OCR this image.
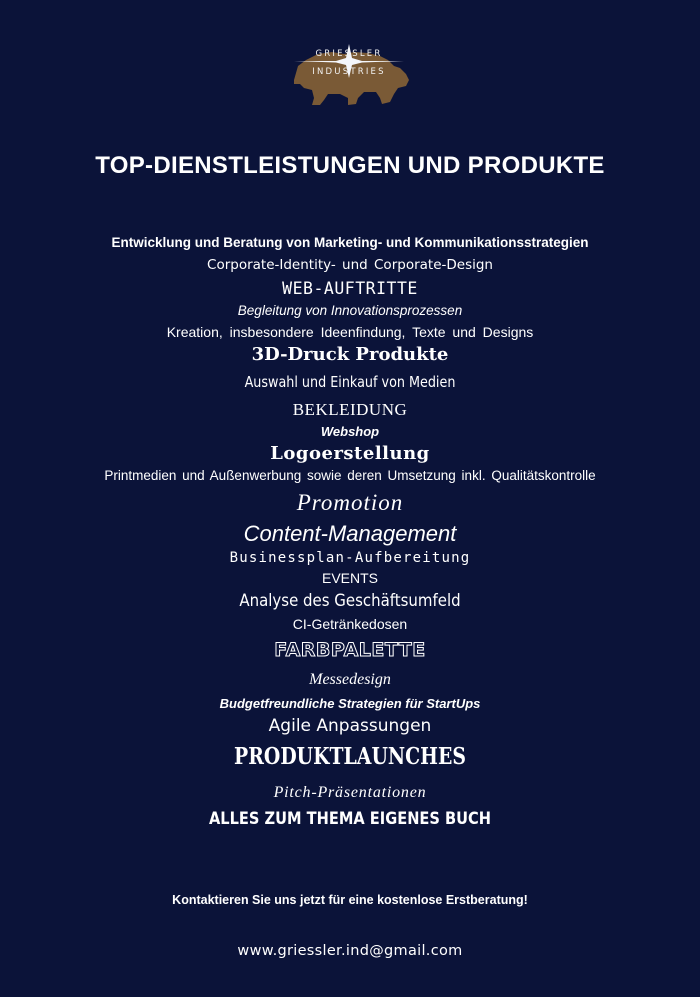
GRIESSLER
INDUSTRIES
TOP-DIENSTLEISTUNGEN UND PRODUKTE
Entwicklung und Beratung von Marketing- und Kommunikationsstrategien
Corporate-Identity- und Corporate-Design
WEB-AUFTRITTE
Begleitung von Innovationsprozessen
Kreation, insbesondere Ideenfindung, Texte und Designs
3D-Druck Produkte
Auswahl und Einkauf von Medien
BEKLEIDUNG
Webshop
Logoerstellung
Printmedien und Außenwerbung sowie deren Umsetzung inkl. Qualitätskontrolle
Promotion
Content-Management
Businessplan-Aufbereitung
EVENTS
Analyse des Geschäftsumfeld
CI-Getränkedosen
FARBPALETTE
Messedesign
Budgetfreundliche Strategien für StartUps
Agile Anpassungen
PRODUKTLAUNCHES
Pitch-Präsentationen
ALLES ZUM THEMA EIGENES BUCH
Kontaktieren Sie uns jetzt für eine kostenlose Erstberatung!
www.griessler.ind@gmail.com
